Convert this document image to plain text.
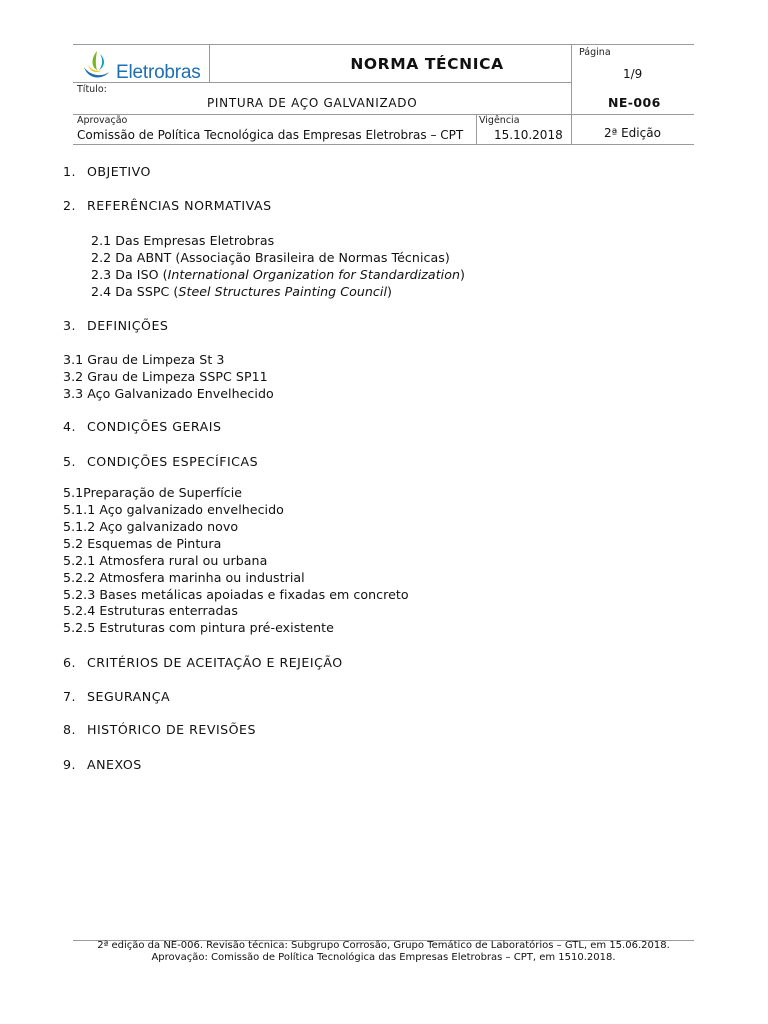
Eletrobras	NORMA TÉCNICA
Página
1/9
Título:
PINTURA DE AÇO GALVANIZADO	NE-006
Aprovação
Comissão de Política Tecnológica das Empresas Eletrobras – CPT
Vigência
15.10.2018	2ª Edição
1. OBJETIVO
2. REFERÊNCIAS NORMATIVAS
2.1 Das Empresas Eletrobras
2.2 Da ABNT (Associação Brasileira de Normas Técnicas)
2.3 Da ISO (International Organization for Standardization)
2.4 Da SSPC (Steel Structures Painting Council)
3. DEFINIÇÕES
3.1 Grau de Limpeza St 3
3.2 Grau de Limpeza SSPC SP11
3.3 Aço Galvanizado Envelhecido
4. CONDIÇÕES GERAIS
5. CONDIÇÕES ESPECÍFICAS
5.1Preparação de Superfície
5.1.1 Aço galvanizado envelhecido
5.1.2 Aço galvanizado novo
5.2 Esquemas de Pintura
5.2.1 Atmosfera rural ou urbana
5.2.2 Atmosfera marinha ou industrial
5.2.3 Bases metálicas apoiadas e fixadas em concreto
5.2.4 Estruturas enterradas
5.2.5 Estruturas com pintura pré-existente
6. CRITÉRIOS DE ACEITAÇÃO E REJEIÇÃO
7. SEGURANÇA
8. HISTÓRICO DE REVISÕES
9. ANEXOS
2ª edição da NE-006. Revisão técnica: Subgrupo Corrosão, Grupo Temático de Laboratórios – GTL, em 15.06.2018.
Aprovação: Comissão de Política Tecnológica das Empresas Eletrobras – CPT, em 1510.2018.
